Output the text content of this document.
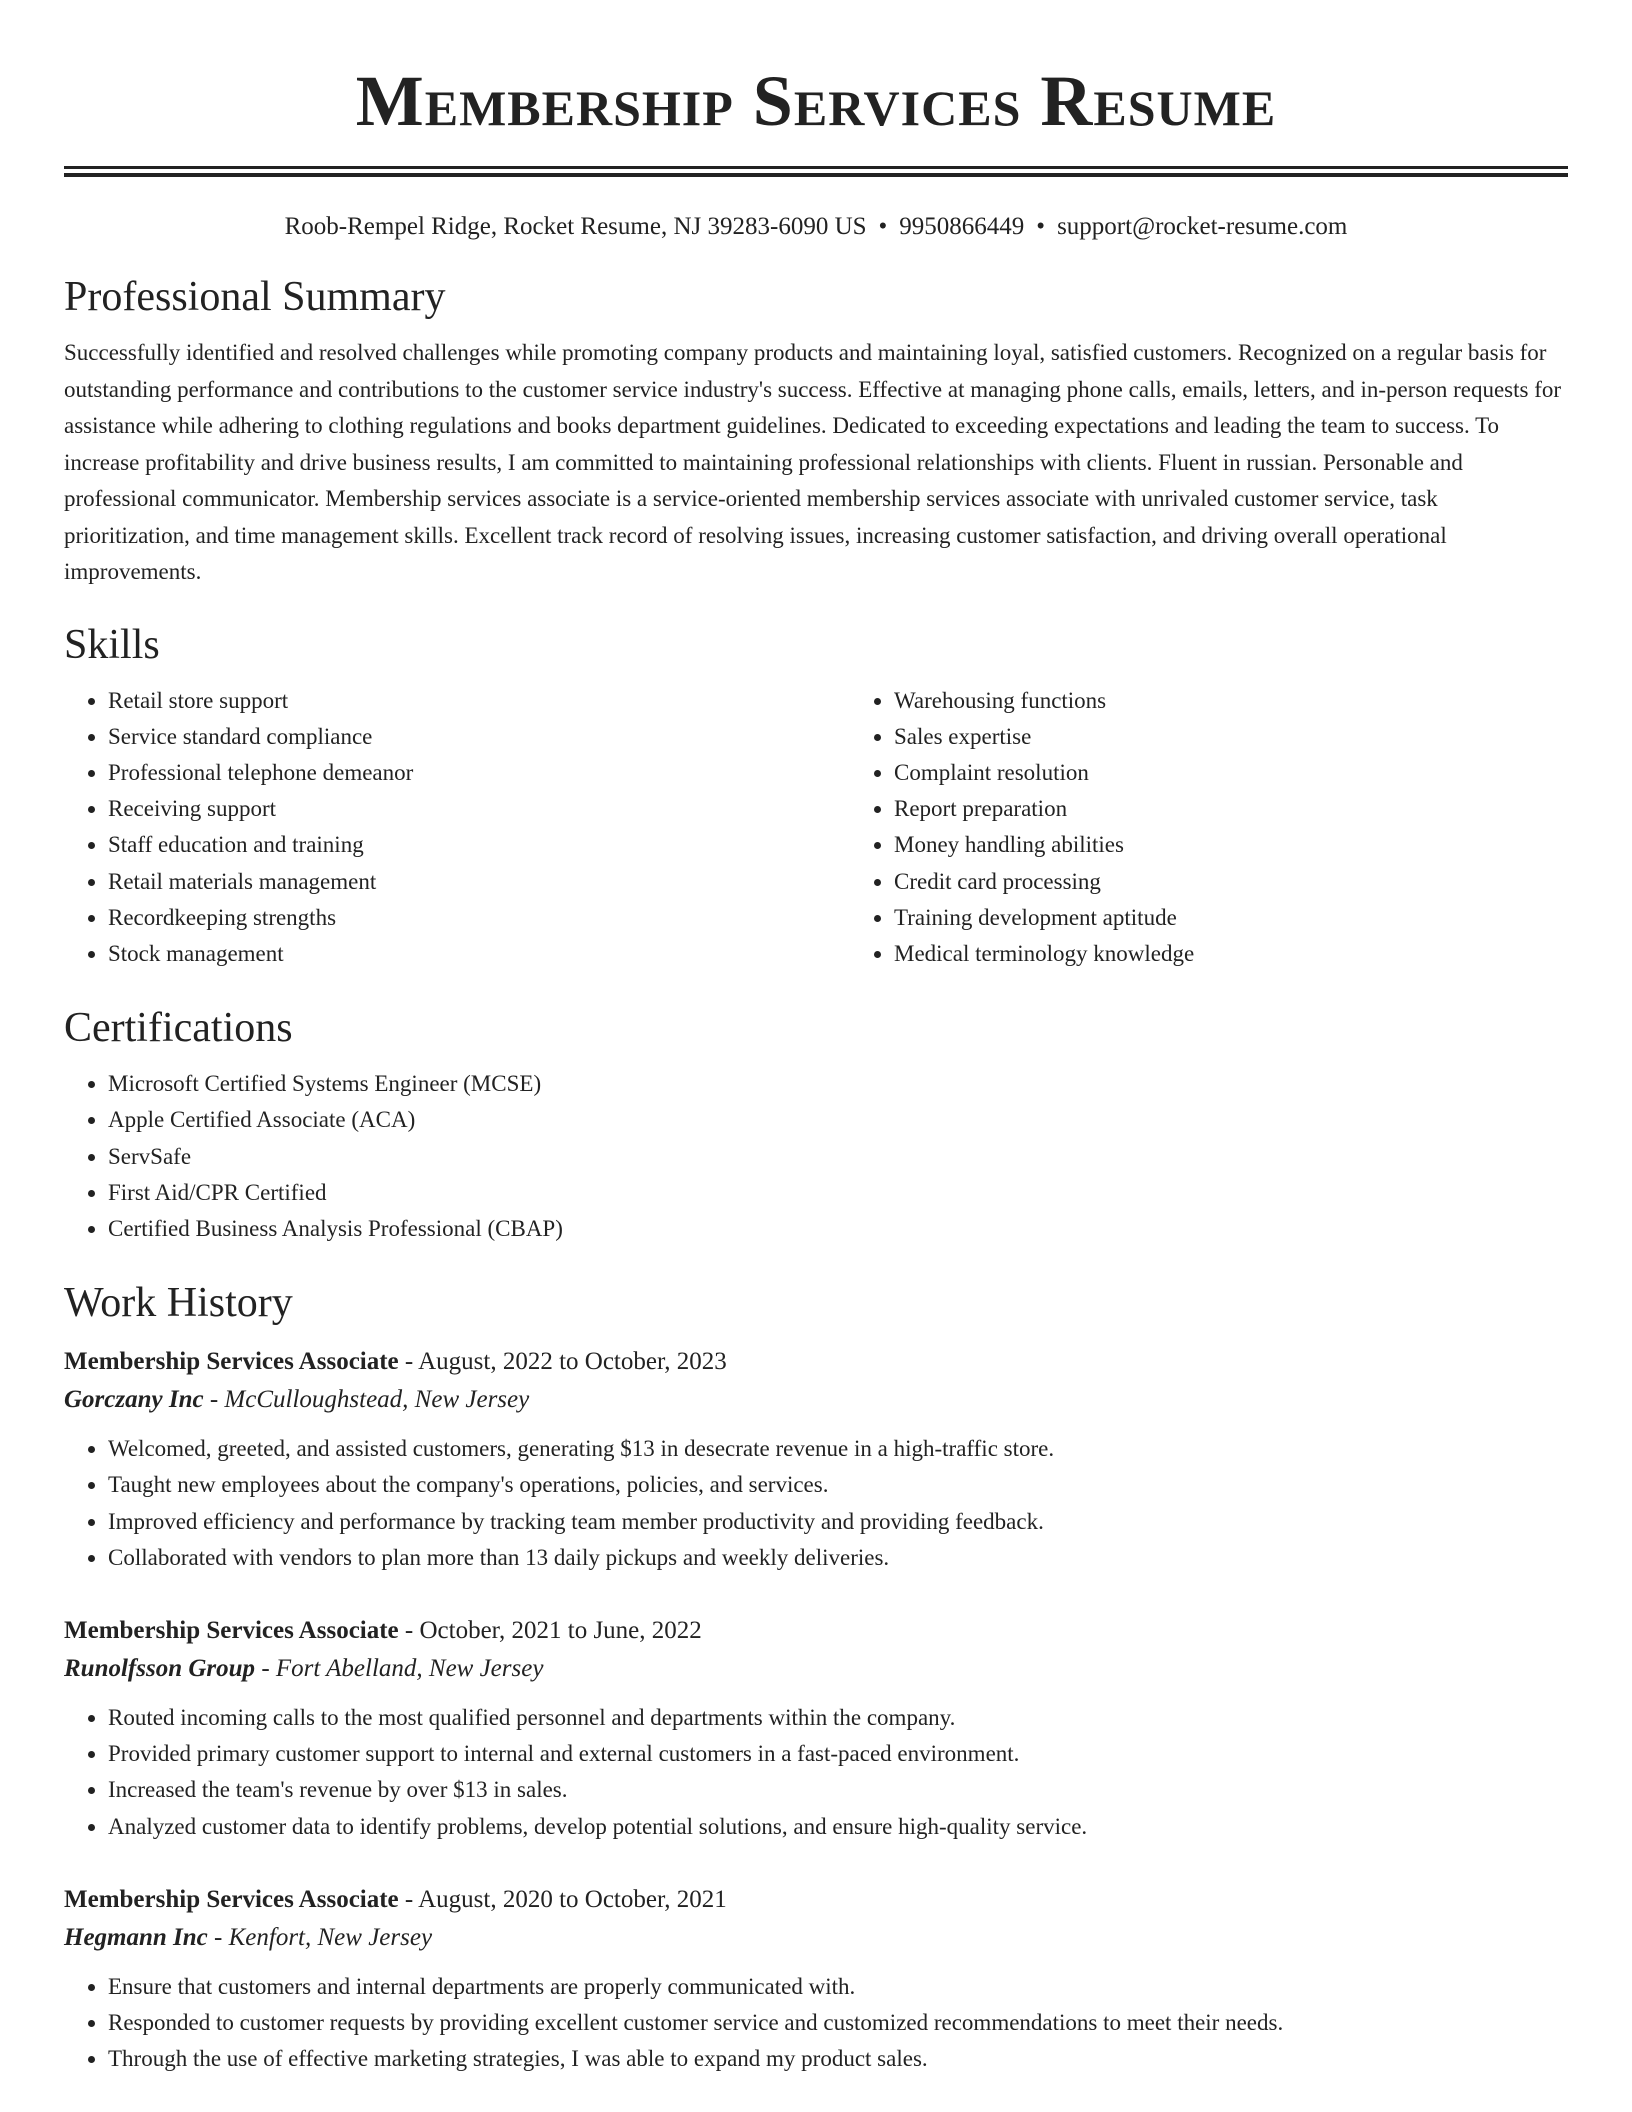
Membership Services Resume
Roob-Rempel Ridge, Rocket Resume, NJ 39283-6090 US • 9950866449 • support@rocket-resume.com
Professional Summary

Successfully identified and resolved challenges while promoting company products and maintaining loyal, satisfied customers. Recognized on a regular basis for outstanding performance and contributions to the customer service industry's success. Effective at managing phone calls, emails, letters, and in-person requests for assistance while adhering to clothing regulations and books department guidelines. Dedicated to exceeding expectations and leading the team to success. To increase profitability and drive business results, I am committed to maintaining professional relationships with clients. Fluent in russian. Personable and professional communicator. Membership services associate is a service-oriented membership services associate with unrivaled customer service, task prioritization, and time management skills. Excellent track record of resolving issues, increasing customer satisfaction, and driving overall operational improvements.

Skills
• Retail store support
• Service standard compliance
• Professional telephone demeanor
• Receiving support
• Staff education and training
• Retail materials management
• Recordkeeping strengths
• Stock management
• Warehousing functions
• Sales expertise
• Complaint resolution
• Report preparation
• Money handling abilities
• Credit card processing
• Training development aptitude
• Medical terminology knowledge
Certifications
• Microsoft Certified Systems Engineer (MCSE)
• Apple Certified Associate (ACA)
• ServSafe
• First Aid/CPR Certified
• Certified Business Analysis Professional (CBAP)
Work History
Membership Services Associate - August, 2022 to October, 2023
Gorczany Inc - McCulloughstead, New Jersey
• Welcomed, greeted, and assisted customers, generating $13 in desecrate revenue in a high-traffic store.
• Taught new employees about the company's operations, policies, and services.
• Improved efficiency and performance by tracking team member productivity and providing feedback.
• Collaborated with vendors to plan more than 13 daily pickups and weekly deliveries.
Membership Services Associate - October, 2021 to June, 2022
Runolfsson Group - Fort Abelland, New Jersey
• Routed incoming calls to the most qualified personnel and departments within the company.
• Provided primary customer support to internal and external customers in a fast-paced environment.
• Increased the team's revenue by over $13 in sales.
• Analyzed customer data to identify problems, develop potential solutions, and ensure high-quality service.
Membership Services Associate - August, 2020 to October, 2021
Hegmann Inc - Kenfort, New Jersey
• Ensure that customers and internal departments are properly communicated with.
• Responded to customer requests by providing excellent customer service and customized recommendations to meet their needs.
• Through the use of effective marketing strategies, I was able to expand my product sales.
